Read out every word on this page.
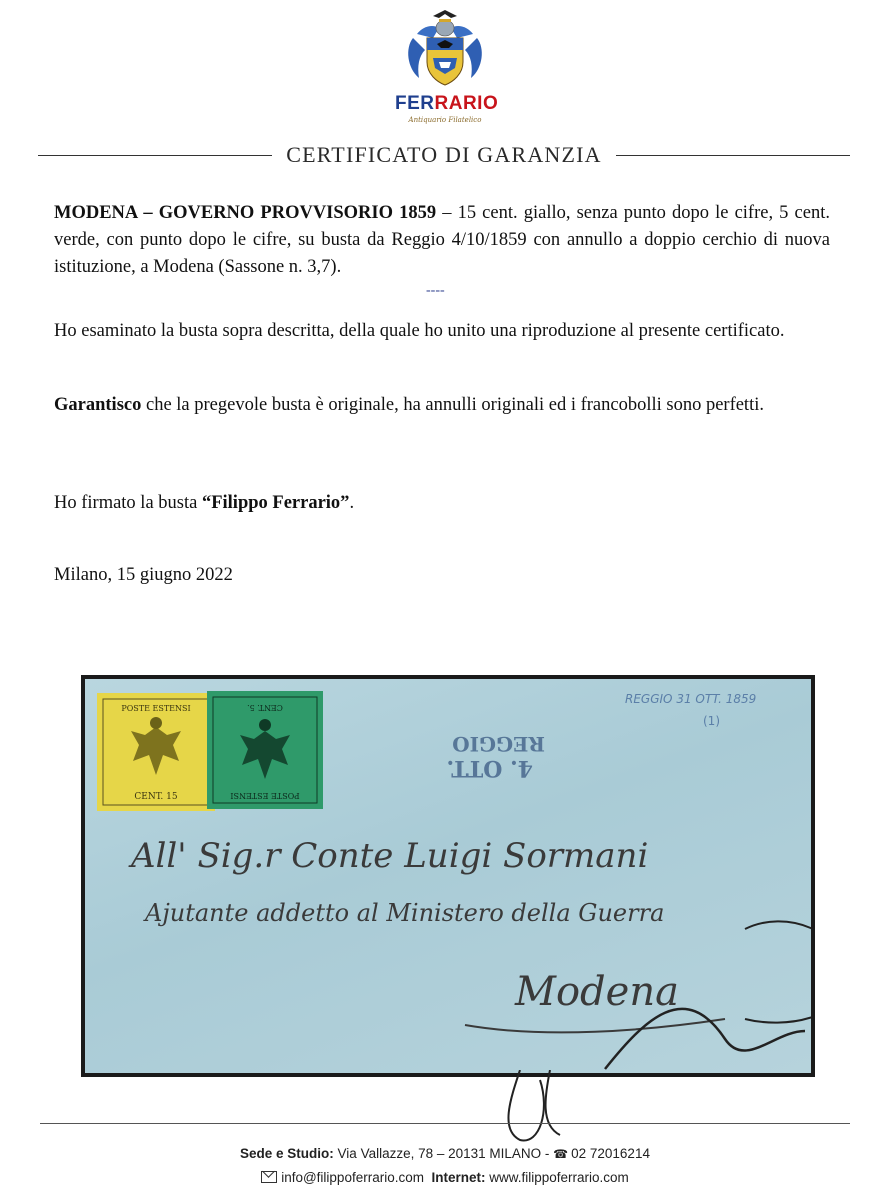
FERRARIO
Antiquario Filatelico
CERTIFICATO DI GARANZIA
MODENA – GOVERNO PROVVISORIO 1859 – 15 cent. giallo, senza punto dopo le cifre, 5 cent. verde, con punto dopo le cifre, su busta da Reggio 4/10/1859 con annullo a doppio cerchio di nuova istituzione, a Modena (Sassone n. 3,7).
----
Ho esaminato la busta sopra descritta, della quale ho unito una riproduzione al presente certificato.
Garantisco che la pregevole busta è originale, ha annulli originali ed i francobolli sono perfetti.
Ho firmato la busta “Filippo Ferrario”.
Milano, 15 giugno 2022
POSTE ESTENSI
CENT. 15
CENT. 5.
POSTE ESTENSI
REGGIO 31 OTT. 1859
(1)
REGGIO
4. OTT.
All' Sig.r Conte Luigi Sormani
Ajutante addetto al Ministero della Guerra
Modena
Sede e Studio: Via Vallazze, 78 – 20131 MILANO - ☎ 02 72016214
info@filippoferrario.com Internet: www.filippoferrario.com
